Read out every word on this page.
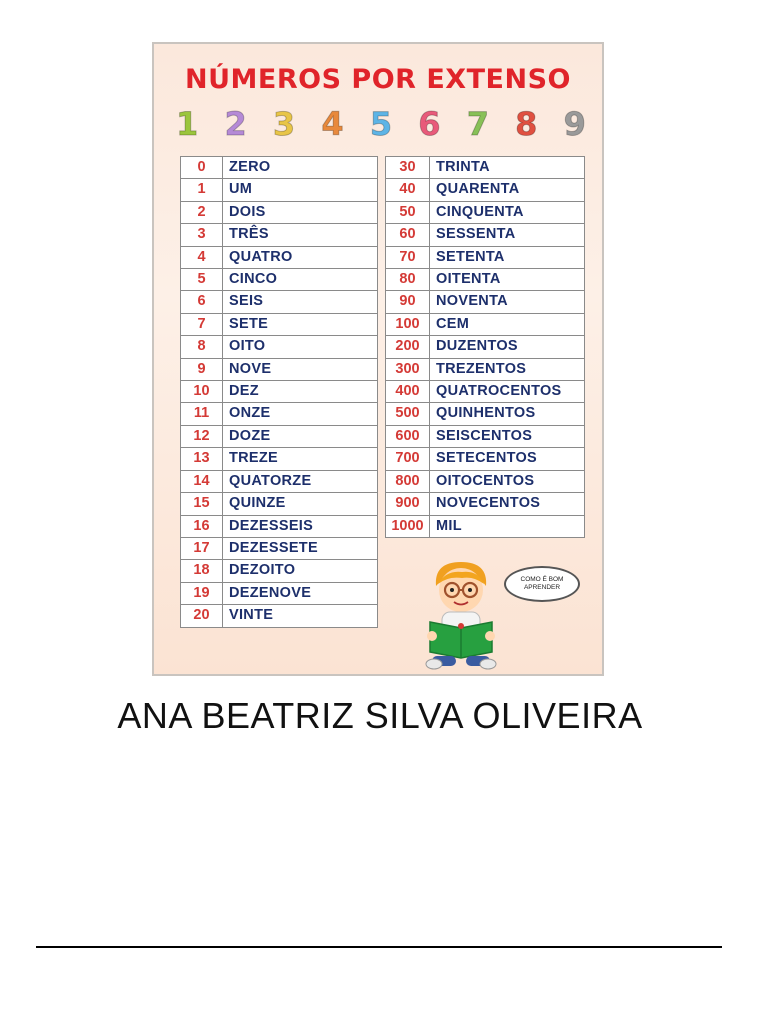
NÚMEROS POR EXTENSO
1 2 3 4 5 6 7 8 9
0	ZERO
1	UM
2	DOIS
3	TRÊS
4	QUATRO
5	CINCO
6	SEIS
7	SETE
8	OITO
9	NOVE
10	DEZ
11	ONZE
12	DOZE
13	TREZE
14	QUATORZE
15	QUINZE
16	DEZESSEIS
17	DEZESSETE
18	DEZOITO
19	DEZENOVE
20	VINTE
30	TRINTA
40	QUARENTA
50	CINQUENTA
60	SESSENTA
70	SETENTA
80	OITENTA
90	NOVENTA
100	CEM
200	DUZENTOS
300	TREZENTOS
400	QUATROCENTOS
500	QUINHENTOS
600	SEISCENTOS
700	SETECENTOS
800	OITOCENTOS
900	NOVECENTOS
1000	MIL
COMO É BOM APRENDER
ANA BEATRIZ SILVA OLIVEIRA
